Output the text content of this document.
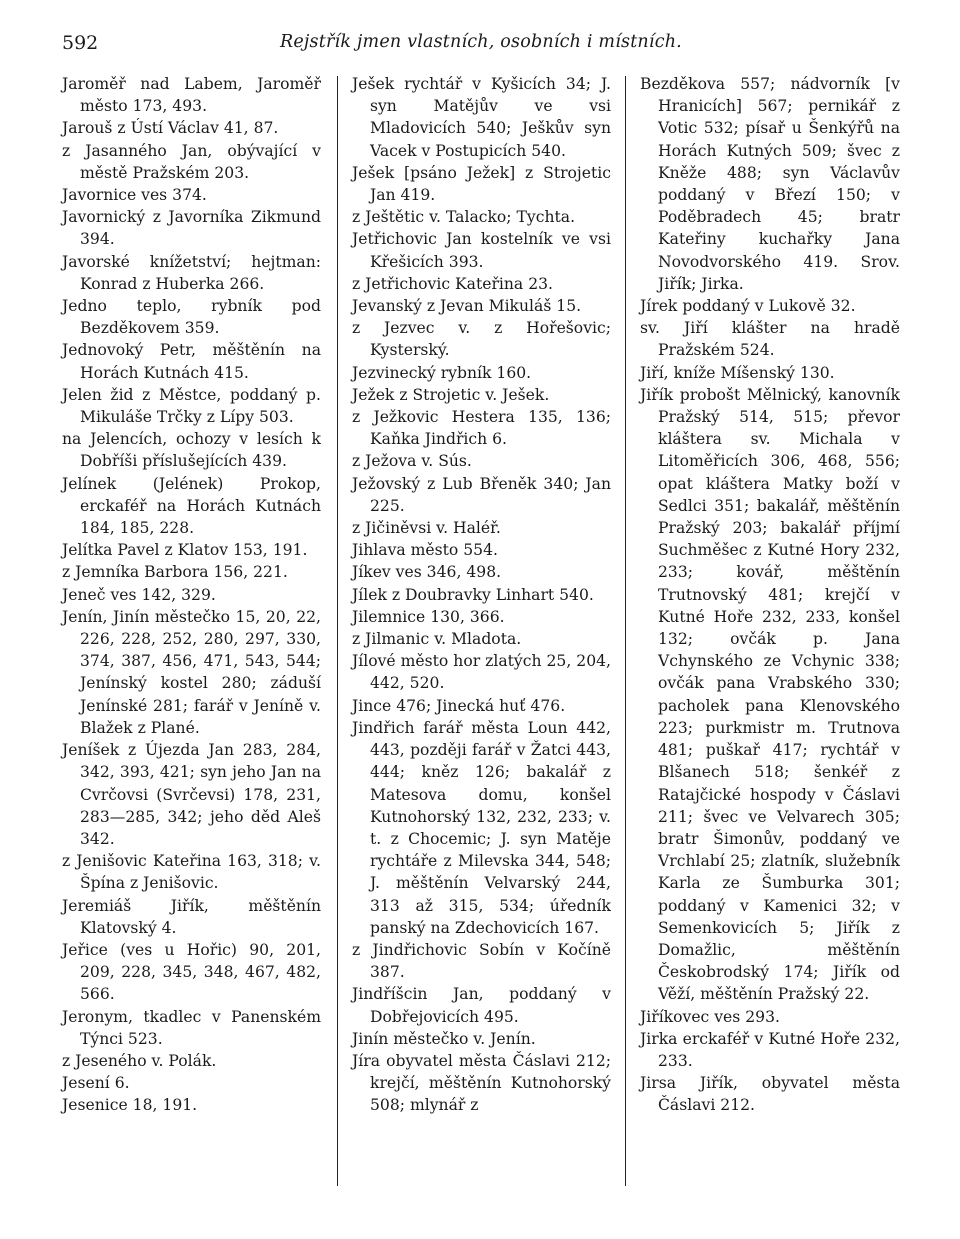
592	Rejstřík jmen vlastních, osobních i místních.

Jaroměř nad Labem, Jaroměř město 173, 493.

Jarouš z Ústí Václav 41, 87.

z Jasanného Jan, obývající v městě Pražském 203.

Javornice ves 374.

Javornický z Javorníka Zikmund 394.

Javorské knížetství; hejtman: Konrad z Huberka 266.

Jedno teplo, rybník pod Bezděkovem 359.

Jednovoký Petr, měštěnín na Horách Kutnách 415.

Jelen žid z Městce, poddaný p. Mikuláše Trčky z Lípy 503.

na Jelencích, ochozy v lesích k Dobříši příslušejících 439.

Jelínek (Jelének) Prokop, erckaféř na Horách Kutnách 184, 185, 228.

Jelítka Pavel z Klatov 153, 191.

z Jemníka Barbora 156, 221.

Jeneč ves 142, 329.

Jenín, Jinín městečko 15, 20, 22, 226, 228, 252, 280, 297, 330, 374, 387, 456, 471, 543, 544; Jenínský kostel 280; záduší Jenínské 281; farář v Jeníně v. Blažek z Plané.

Jeníšek z Újezda Jan 283, 284, 342, 393, 421; syn jeho Jan na Cvrčovsi (Svrčevsi) 178, 231, 283—285, 342; jeho děd Aleš 342.

z Jenišovic Kateřina 163, 318; v. Špína z Jenišovic.

Jeremiáš Jiřík, měštěnín Klatovský 4.

Jeřice (ves u Hořic) 90, 201, 209, 228, 345, 348, 467, 482, 566.

Jeronym, tkadlec v Panenském Týnci 523.

z Jeseného v. Polák.

Jesení 6.

Jesenice 18, 191.

Ješek rychtář v Kyšicích 34; J. syn Matějův ve vsi Mladovicích 540; Ješkův syn Vacek v Postupicích 540.

Ješek [psáno Ježek] z Strojetic Jan 419.

z Ještětic v. Talacko; Tychta.

Jetřichovic Jan kostelník ve vsi Křešicích 393.

z Jetřichovic Kateřina 23.

Jevanský z Jevan Mikuláš 15.

z Jezvec v. z Hořešovic; Kysterský.

Jezvinecký rybník 160.

Ježek z Strojetic v. Ješek.

z Ježkovic Hestera 135, 136; Kaňka Jindřich 6.

z Ježova v. Sús.

Ježovský z Lub Břeněk 340; Jan 225.

z Jičiněvsi v. Haléř.

Jihlava město 554.

Jíkev ves 346, 498.

Jílek z Doubravky Linhart 540.

Jilemnice 130, 366.

z Jilmanic v. Mladota.

Jílové město hor zlatých 25, 204, 442, 520.

Jince 476; Jinecká huť 476.

Jindřich farář města Loun 442, 443, později farář v Žatci 443, 444; kněz 126; bakalář z Matesova domu, konšel Kutnohorský 132, 232, 233; v. t. z Chocemic; J. syn Matěje rychtáře z Milevska 344, 548; J. měštěnín Velvarský 244, 313 až 315, 534; úředník panský na Zdechovicích 167.

z Jindřichovic Sobín v Kočíně 387.

Jindříšcin Jan, poddaný v Dobřejovicích 495.

Jinín městečko v. Jenín.

Jíra obyvatel města Čáslavi 212; krejčí, měštěnín Kutnohorský 508; mlynář z

Bezděkova 557; nádvorník [v Hranicích] 567; pernikář z Votic 532; písař u Šenkýřů na Horách Kutných 509; švec z Kněže 488; syn Václavův poddaný v Březí 150; v Poděbradech 45; bratr Kateřiny kuchařky Jana Novodvorského 419. Srov. Jiřík; Jirka.

Jírek poddaný v Lukově 32.

sv. Jiří klášter na hradě Pražském 524.

Jiří, kníže Míšenský 130.

Jiřík probošt Mělnický, kanovník Pražský 514, 515; převor kláštera sv. Michala v Litoměřicích 306, 468, 556; opat kláštera Matky boží v Sedlci 351; bakalář, měštěnín Pražský 203; bakalář příjmí Suchměšec z Kutné Hory 232, 233; kovář, měštěnín Trutnovský 481; krejčí v Kutné Hoře 232, 233, konšel 132; ovčák p. Jana Vchynského ze Vchynic 338; ovčák pana Vrabského 330; pacholek pana Klenovského 223; purkmistr m. Trutnova 481; puškař 417; rychtář v Blšanech 518; šenkéř z Ratajčické hospody v Čáslavi 211; švec ve Velvarech 305; bratr Šimonův, poddaný ve Vrchlabí 25; zlatník, služebník Karla ze Šumburka 301; poddaný v Kamenici 32; v Semenkovicích 5; Jiřík z Domažlic, měštěnín Českobrodský 174; Jiřík od Věží, měštěnín Pražský 22.

Jiříkovec ves 293.

Jirka erckaféř v Kutné Hoře 232, 233.

Jirsa Jiřík, obyvatel města Čáslavi 212.
